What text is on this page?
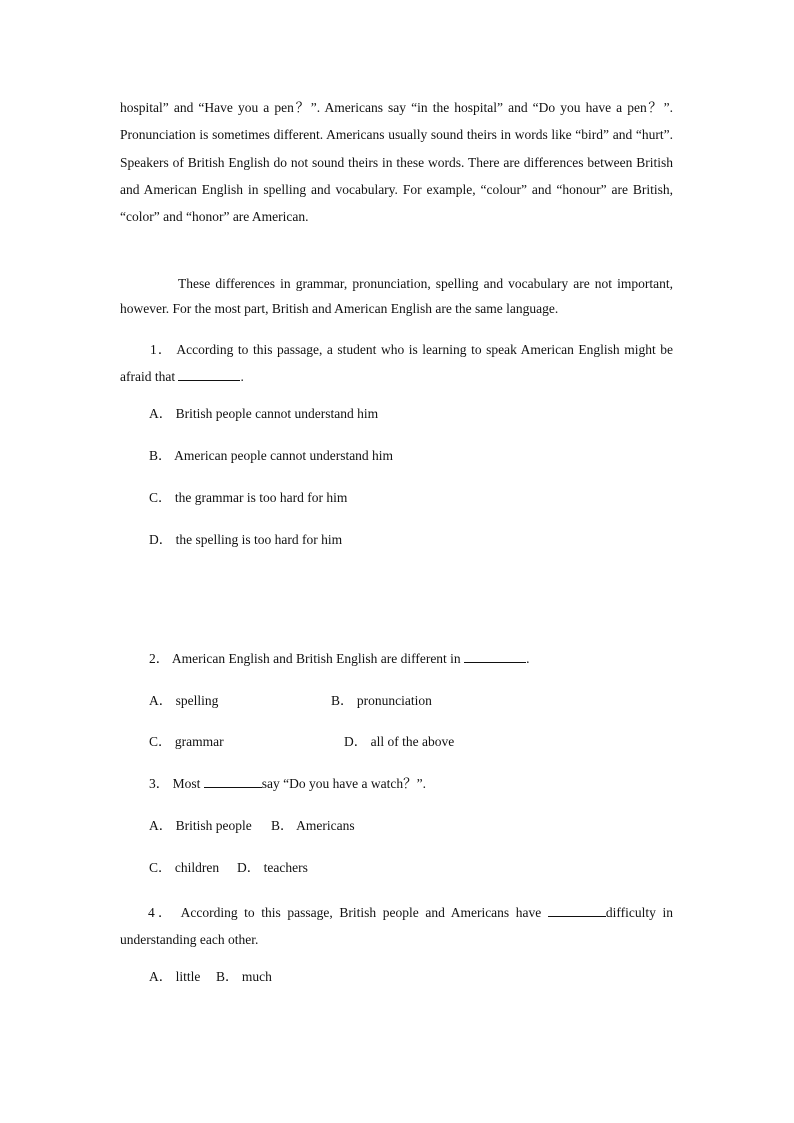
hospital” and “Have you a pen？”. Americans say “in the hospital” and “Do you have a pen？”. Pronunciation is sometimes different. Americans usually sound theirs in words like “bird” and “hurt”. Speakers of British English do not sound theirs in these words. There are differences between British and American English in spelling and vocabulary. For example, “colour” and “honour” are British, “color” and “honor” are American.

These differences in grammar, pronunciation, spelling and vocabulary are not important, however. For the most part, British and American English are the same language.

1． According to this passage, a student who is learning to speak American English might be afraid that	.

A． British people cannot understand him

B． American people cannot understand him

C． the grammar is too hard for him

D． the spelling is too hard for him

2． American English and British English are different in	.

A． spelling	B． pronunciation

C． grammar	D． all of the above

3． Most	say “Do you have a watch？”.

A． British people B． Americans

C． children D． teachers

4． According to this passage, British people and Americans have	difficulty in understanding each other.

A． little B． much
